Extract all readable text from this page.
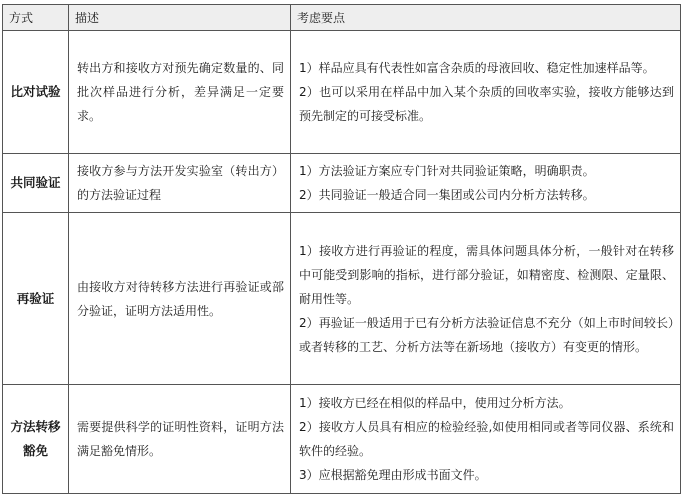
方式	描述	考虑要点
比对试验	转出方和接收方对预先确定数量的、同批次样品进行分析，差异满足一定要求。	1）样品应具有代表性如富含杂质的母液回收、稳定性加速样品等。

2）也可以采用在样品中加入某个杂质的回收率实验，接收方能够达到预先制定的可接受标准。

共同验证	接收方参与方法开发实验室（转出方）的方法验证过程	1）方法验证方案应专门针对共同验证策略，明确职责。

2）共同验证一般适合同一集团或公司内分析方法转移。

再验证	由接收方对待转移方法进行再验证或部分验证，证明方法适用性。	1）接收方进行再验证的程度，需具体问题具体分析，一般针对在转移中可能受到影响的指标，进行部分验证，如精密度、检测限、定量限、耐用性等。

2）再验证一般适用于已有分析方法验证信息不充分（如上市时间较长）或者转移的工艺、分析方法等在新场地（接收方）有变更的情形。

方法转移豁免	需要提供科学的证明性资料，证明方法满足豁免情形。	1）接收方已经在相似的样品中，使用过分析方法。

2）接收方人员具有相应的检验经验,如使用相同或者等同仪器、系统和软件的经验。

3）应根据豁免理由形成书面文件。
